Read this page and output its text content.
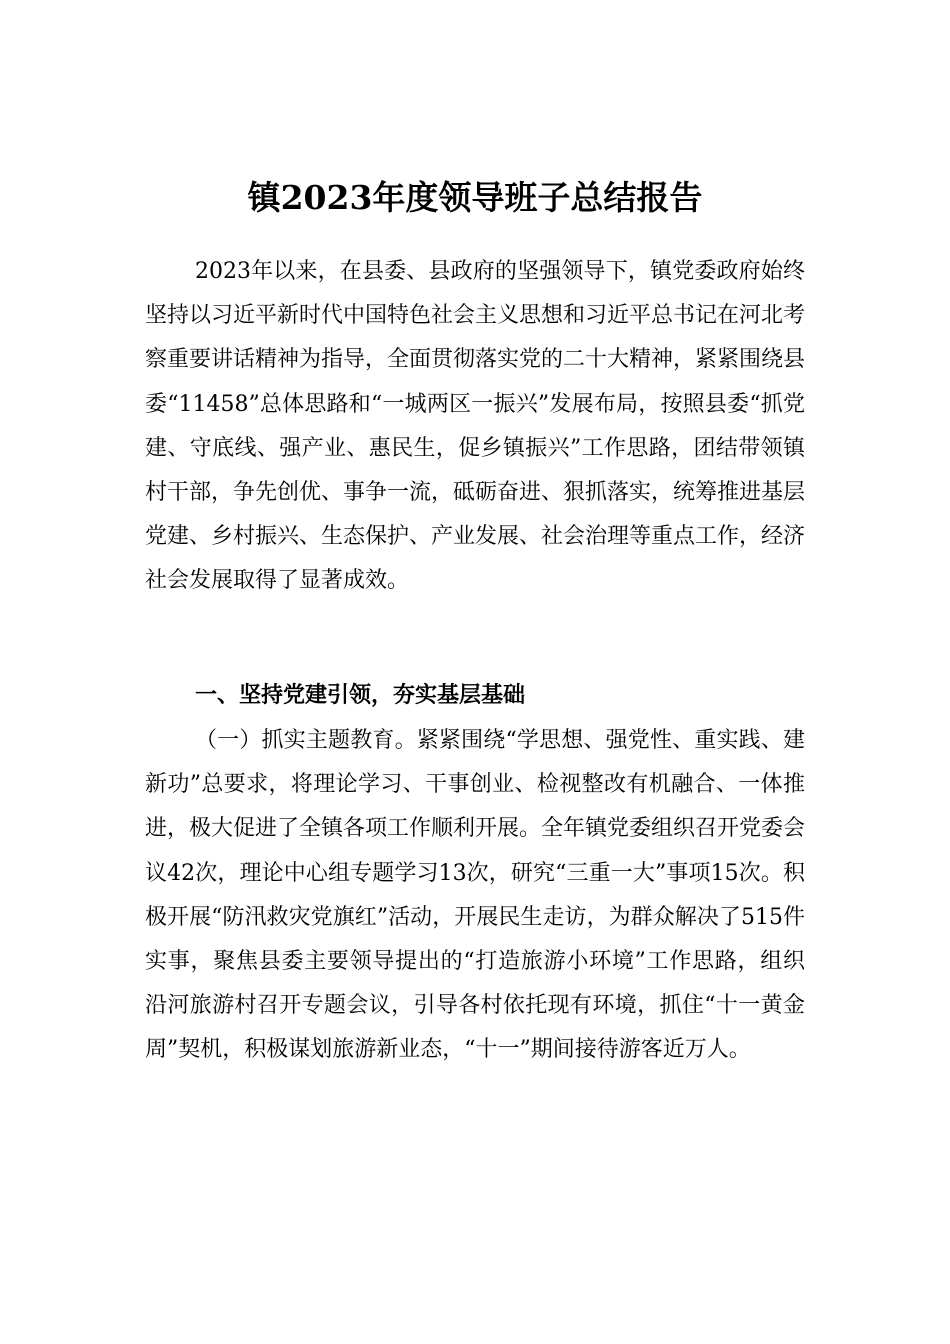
镇2023年度领导班子总结报告

2023年以来，在县委、县政府的坚强领导下，镇党委政府始终坚持以习近平新时代中国特色社会主义思想和习近平总书记在河北考察重要讲话精神为指导，全面贯彻落实党的二十大精神，紧紧围绕县委“11458”总体思路和“一城两区一振兴”发展布局，按照县委“抓党建、守底线、强产业、惠民生，促乡镇振兴”工作思路，团结带领镇村干部，争先创优、事争一流，砥砺奋进、狠抓落实，统筹推进基层党建、乡村振兴、生态保护、产业发展、社会治理等重点工作，经济社会发展取得了显著成效。

一、坚持党建引领，夯实基层基础

（一）抓实主题教育。紧紧围绕“学思想、强党性、重实践、建新功”总要求，将理论学习、干事创业、检视整改有机融合、一体推进，极大促进了全镇各项工作顺利开展。全年镇党委组织召开党委会议42次，理论中心组专题学习13次，研究“三重一大”事项15次。积极开展“防汛救灾党旗红”活动，开展民生走访，为群众解决了515件实事，聚焦县委主要领导提出的“打造旅游小环境”工作思路，组织沿河旅游村召开专题会议，引导各村依托现有环境，抓住“十一黄金周”契机，积极谋划旅游新业态，“十一”期间接待游客近万人。
